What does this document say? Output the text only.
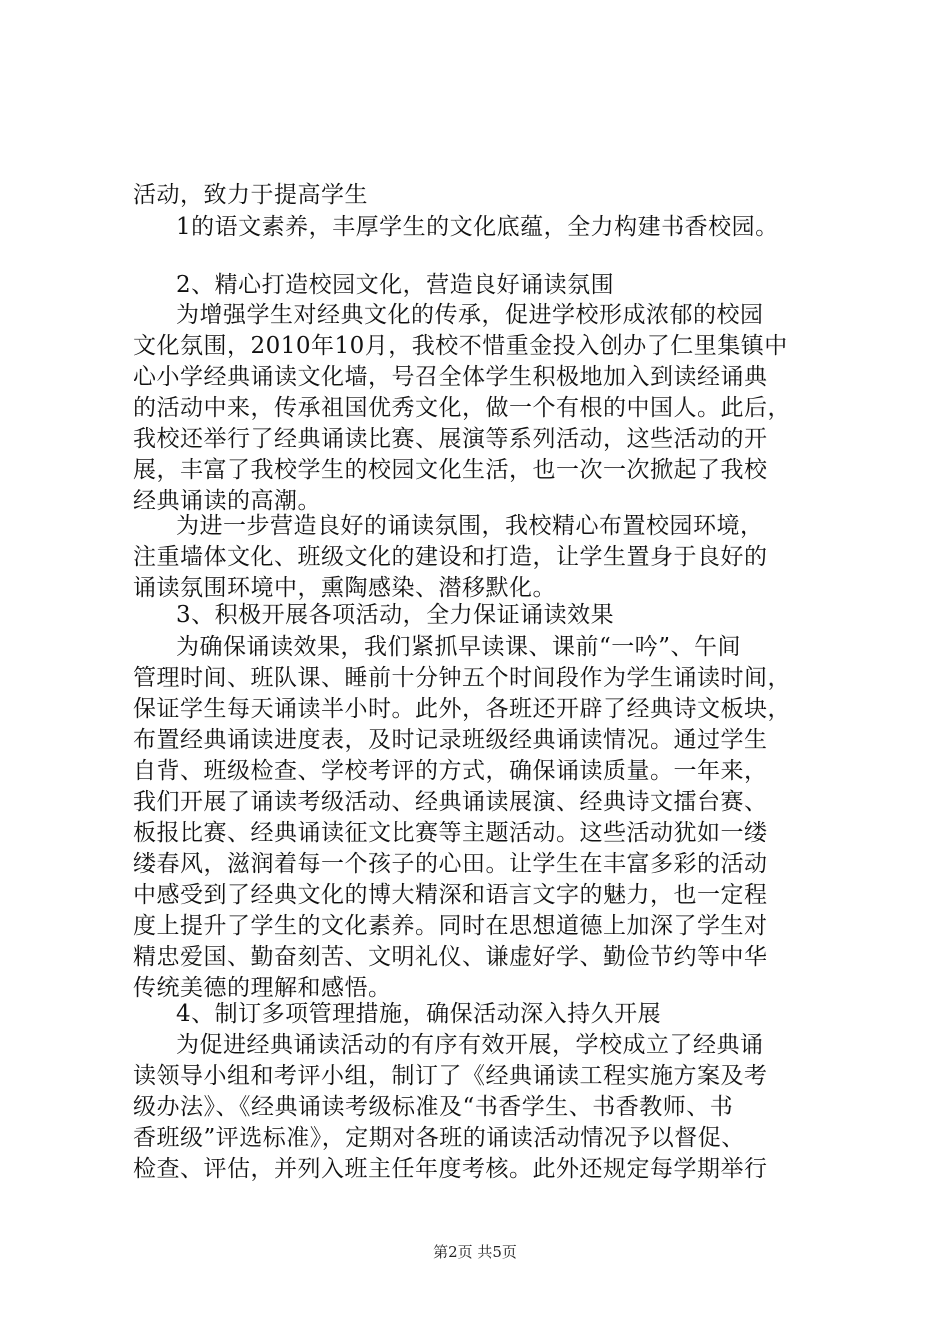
活动，致力于提高学生
1的语文素养，丰厚学生的文化底蕴，全力构建书香校园。
2、精心打造校园文化，营造良好诵读氛围
为增强学生对经典文化的传承，促进学校形成浓郁的校园
文化氛围，2010年10月，我校不惜重金投入创办了仁里集镇中
心小学经典诵读文化墙，号召全体学生积极地加入到读经诵典
的活动中来，传承祖国优秀文化，做一个有根的中国人。此后，
我校还举行了经典诵读比赛、展演等系列活动，这些活动的开
展，丰富了我校学生的校园文化生活，也一次一次掀起了我校
经典诵读的高潮。
为进一步营造良好的诵读氛围，我校精心布置校园环境，
注重墙体文化、班级文化的建设和打造，让学生置身于良好的
诵读氛围环境中，熏陶感染、潜移默化。
3、积极开展各项活动，全力保证诵读效果
为确保诵读效果，我们紧抓早读课、课前“一吟”、午间
管理时间、班队课、睡前十分钟五个时间段作为学生诵读时间，
保证学生每天诵读半小时。此外，各班还开辟了经典诗文板块，
布置经典诵读进度表，及时记录班级经典诵读情况。通过学生
自背、班级检查、学校考评的方式，确保诵读质量。一年来，
我们开展了诵读考级活动、经典诵读展演、经典诗文擂台赛、
板报比赛、经典诵读征文比赛等主题活动。这些活动犹如一缕
缕春风，滋润着每一个孩子的心田。让学生在丰富多彩的活动
中感受到了经典文化的博大精深和语言文字的魅力，也一定程
度上提升了学生的文化素养。同时在思想道德上加深了学生对
精忠爱国、勤奋刻苦、文明礼仪、谦虚好学、勤俭节约等中华
传统美德的理解和感悟。
4、制订多项管理措施，确保活动深入持久开展
为促进经典诵读活动的有序有效开展，学校成立了经典诵
读领导小组和考评小组，制订了《经典诵读工程实施方案及考
级办法》、《经典诵读考级标准及“书香学生、书香教师、书
香班级”评选标准》，定期对各班的诵读活动情况予以督促、
检查、评估，并列入班主任年度考核。此外还规定每学期举行
第2页 共5页
